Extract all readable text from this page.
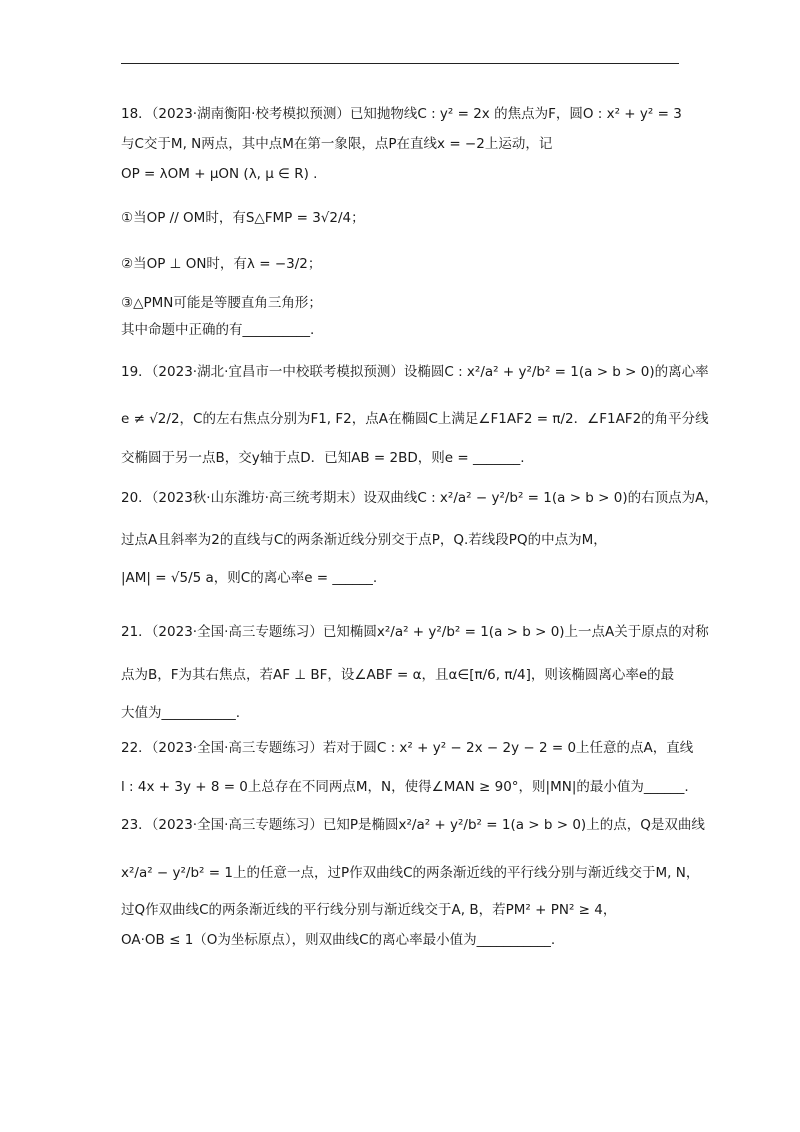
18．（2023·湖南衡阳·校考模拟预测）已知抛物线C : y² = 2x 的焦点为F，圆O : x² + y² = 3
与C交于M, N两点，其中点M在第一象限，点P在直线x = −2上运动，记
OP = λOM + μON (λ, μ ∈ R) .
①当OP // OM时，有S△FMP = 3√2/4；
②当OP ⊥ ON时，有λ = −3/2；
③△PMN可能是等腰直角三角形；
其中命题中正确的有__________.
19．（2023·湖北·宜昌市一中校联考模拟预测）设椭圆C : x²/a² + y²/b² = 1(a > b > 0)的离心率
e ≠ √2/2，C的左右焦点分别为F1, F2，点A在椭圆C上满足∠F1AF2 = π/2．∠F1AF2的角平分线
交椭圆于另一点B，交y轴于点D．已知AB = 2BD，则e = _______.
20．（2023秋·山东潍坊·高三统考期末）设双曲线C : x²/a² − y²/b² = 1(a > b > 0)的右顶点为A，
过点A且斜率为2的直线与C的两条渐近线分别交于点P，Q.若线段PQ的中点为M，
|AM| = √5/5 a，则C的离心率e = ______.
21．（2023·全国·高三专题练习）已知椭圆x²/a² + y²/b² = 1(a > b > 0)上一点A关于原点的对称
点为B，F为其右焦点，若AF ⊥ BF，设∠ABF = α，且α∈[π/6, π/4]，则该椭圆离心率e的最
大值为___________.
22．（2023·全国·高三专题练习）若对于圆C : x² + y² − 2x − 2y − 2 = 0上任意的点A，直线
l : 4x + 3y + 8 = 0上总存在不同两点M，N，使得∠MAN ≥ 90°，则|MN|的最小值为______.
23．（2023·全国·高三专题练习）已知P是椭圆x²/a² + y²/b² = 1(a > b > 0)上的点，Q是双曲线
x²/a² − y²/b² = 1上的任意一点，过P作双曲线C的两条渐近线的平行线分别与渐近线交于M, N，
过Q作双曲线C的两条渐近线的平行线分别与渐近线交于A, B，若PM² + PN² ≥ 4，
OA·OB ≤ 1（O为坐标原点），则双曲线C的离心率最小值为___________.
